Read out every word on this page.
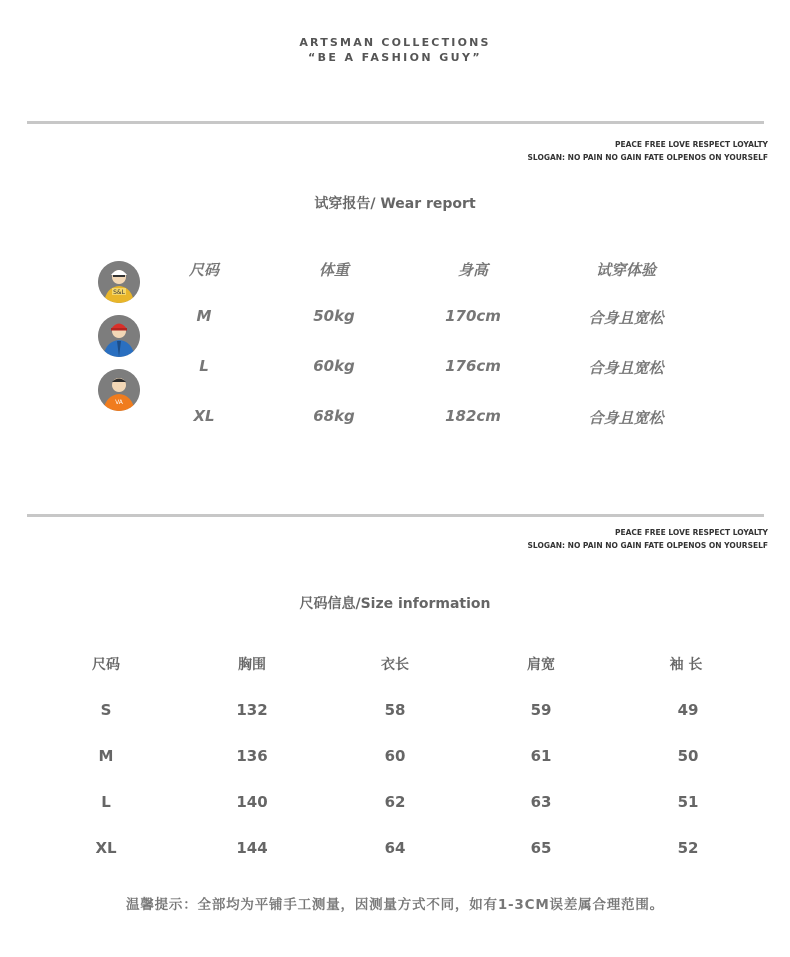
ARTSMAN COLLECTIONS
“BE A FASHION GUY”
PEACE FREE LOVE RESPECT LOYALTY
SLOGAN: NO PAIN NO GAIN FATE OLPENOS ON YOURSELF
试穿报告/ Wear report
尺码	体重	身高	试穿体验
M	50kg	170cm	合身且宽松
L	60kg	176cm	合身且宽松
XL	68kg	182cm	合身且宽松
S&L
VA
PEACE FREE LOVE RESPECT LOYALTY
SLOGAN: NO PAIN NO GAIN FATE OLPENOS ON YOURSELF
尺码信息/Size information
尺码	胸围	衣长	肩宽	袖 长
S	132	58	59	49
M	136	60	61	50
L	140	62	63	51
XL	144	64	65	52
温馨提示：全部均为平铺手工测量，因测量方式不同，如有1-3CM误差属合理范围。
